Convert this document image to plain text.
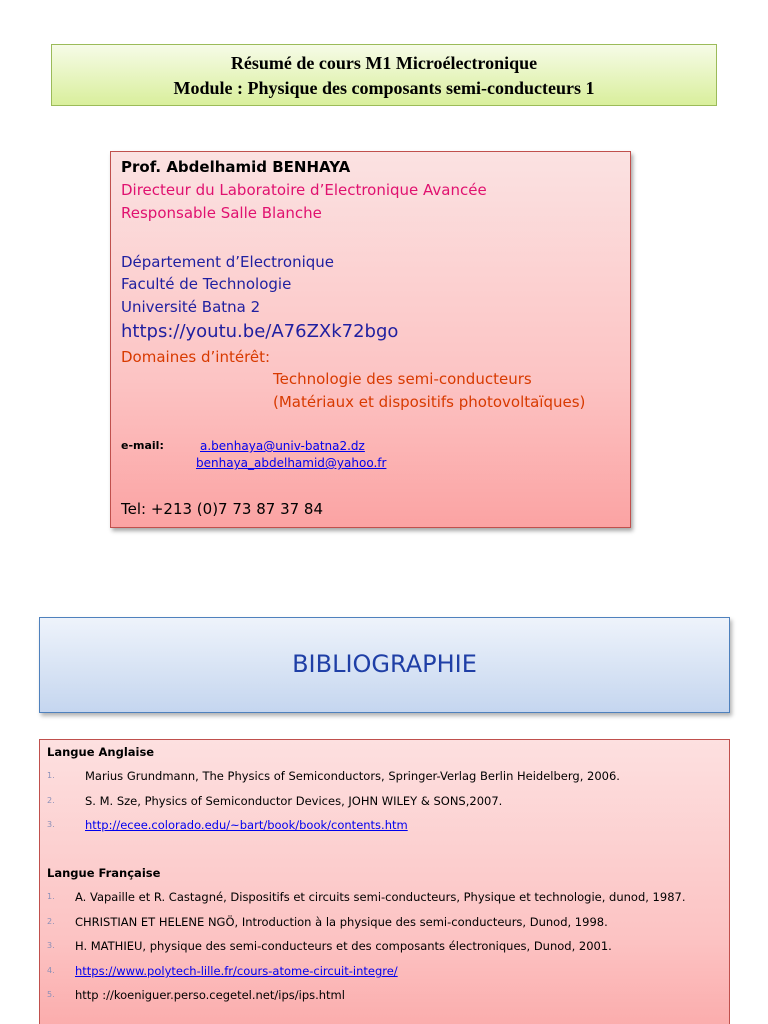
Résumé de cours M1 Microélectronique
Module : Physique des composants semi-conducteurs 1
Prof. Abdelhamid BENHAYA
Directeur du Laboratoire d’Electronique Avancée
Responsable Salle Blanche
Département d’Electronique
Faculté de Technologie
Université Batna 2
https://youtu.be/A76ZXk72bgo
Domaines d’intérêt:
Technologie des semi-conducteurs
(Matériaux et dispositifs photovoltaïques)
e-mail:	a.benhaya@univ-batna2.dz
benhaya_abdelhamid@yahoo.fr
Tel: +213 (0)7 73 87 37 84
BIBLIOGRAPHIE
Langue Anglaise
1.	Marius Grundmann, The Physics of Semiconductors, Springer-Verlag Berlin Heidelberg, 2006.
2.	S. M. Sze, Physics of Semiconductor Devices, JOHN WILEY & SONS,2007.
3.	http://ecee.colorado.edu/~bart/book/book/contents.htm
Langue Française
1. A. Vapaille et R. Castagné, Dispositifs et circuits semi-conducteurs, Physique et technologie, dunod, 1987.
2. CHRISTIAN ET HELENE NGÖ, Introduction à la physique des semi-conducteurs, Dunod, 1998.
3. H. MATHIEU, physique des semi-conducteurs et des composants électroniques, Dunod, 2001.
4. https://www.polytech-lille.fr/cours-atome-circuit-integre/
5. http ://koeniguer.perso.cegetel.net/ips/ips.html
